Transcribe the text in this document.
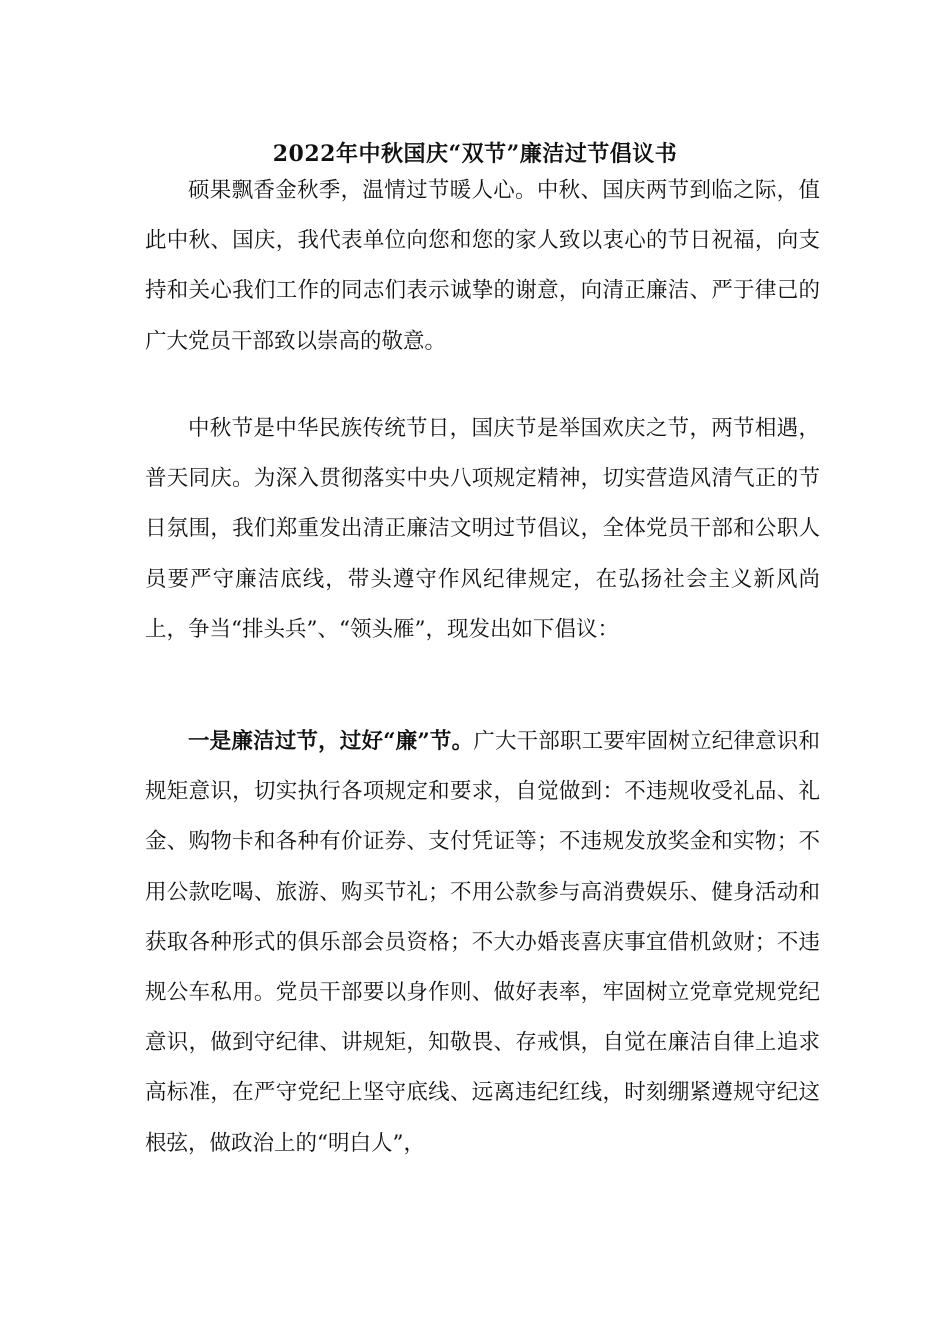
2022年中秋国庆“双节”廉洁过节倡议书

硕果飘香金秋季，温情过节暖人心。中秋、国庆两节到临之际，值此中秋、国庆，我代表单位向您和您的家人致以衷心的节日祝福，向支持和关心我们工作的同志们表示诚挚的谢意，向清正廉洁、严于律己的广大党员干部致以崇高的敬意。

中秋节是中华民族传统节日，国庆节是举国欢庆之节，两节相遇，普天同庆。为深入贯彻落实中央八项规定精神，切实营造风清气正的节日氛围，我们郑重发出清正廉洁文明过节倡议，全体党员干部和公职人员要严守廉洁底线，带头遵守作风纪律规定，在弘扬社会主义新风尚上，争当“排头兵”、“领头雁”，现发出如下倡议：

一是廉洁过节，过好“廉”节。广大干部职工要牢固树立纪律意识和规矩意识，切实执行各项规定和要求，自觉做到：不违规收受礼品、礼金、购物卡和各种有价证券、支付凭证等；不违规发放奖金和实物；不用公款吃喝、旅游、购买节礼；不用公款参与高消费娱乐、健身活动和获取各种形式的俱乐部会员资格；不大办婚丧喜庆事宜借机敛财；不违规公车私用。党员干部要以身作则、做好表率，牢固树立党章党规党纪意识，做到守纪律、讲规矩，知敬畏、存戒惧，自觉在廉洁自律上追求高标准，在严守党纪上坚守底线、远离违纪红线，时刻绷紧遵规守纪这根弦，做政治上的“明白人”，
